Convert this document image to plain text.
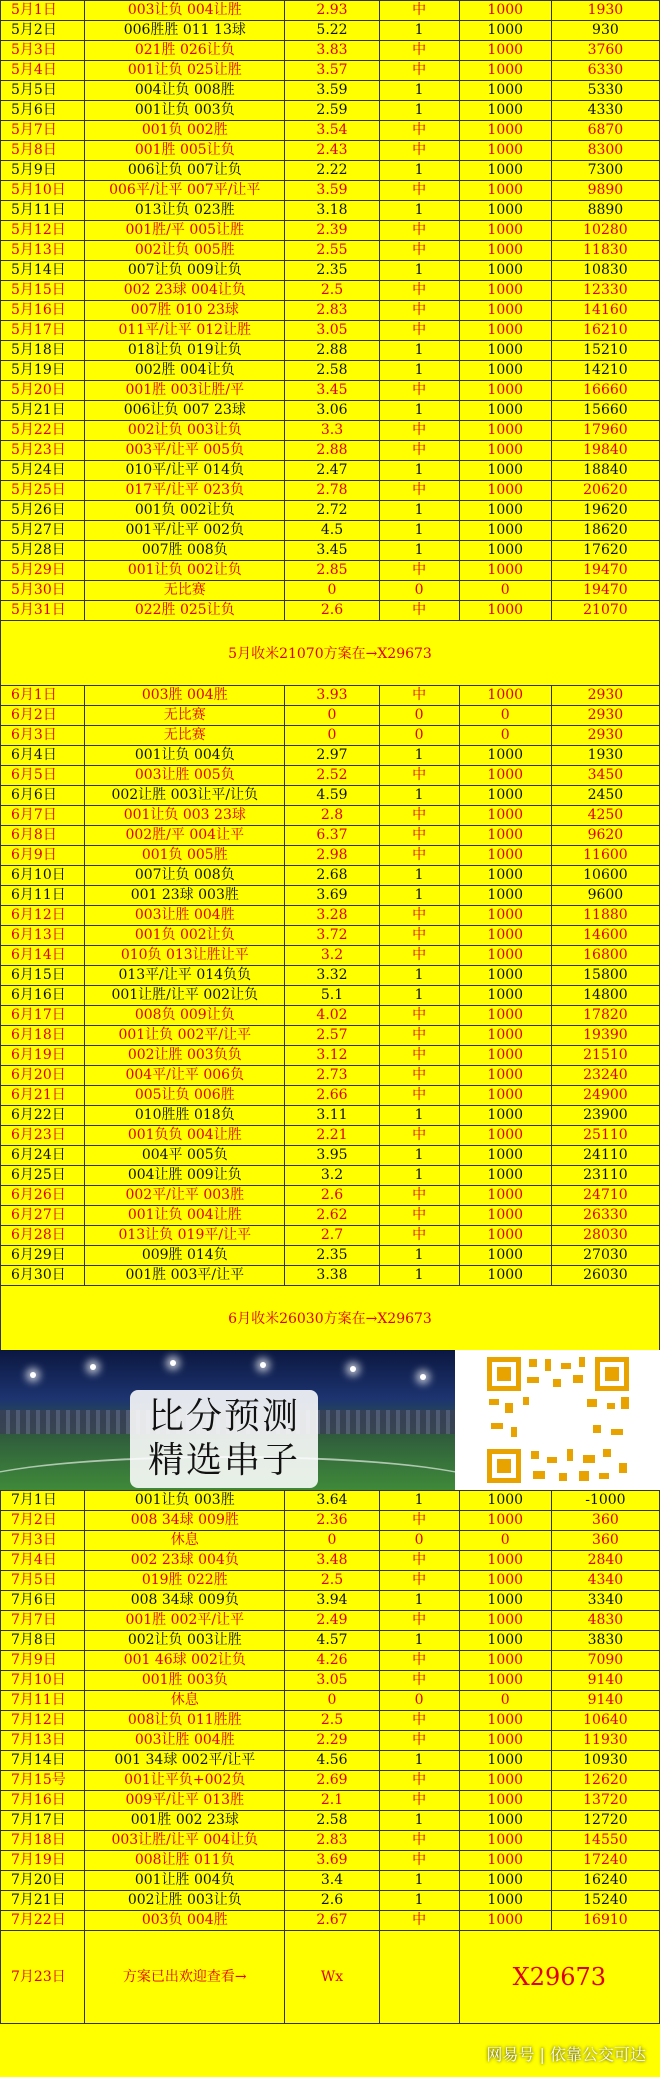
5月1日	003让负 004让胜	2.93	中	1000	1930
5月2日	006胜胜 011 13球	5.22	1	1000	930
5月3日	021胜 026让负	3.83	中	1000	3760
5月4日	001让负 025让胜	3.57	中	1000	6330
5月5日	004让负 008胜	3.59	1	1000	5330
5月6日	001让负 003负	2.59	1	1000	4330
5月7日	001负 002胜	3.54	中	1000	6870
5月8日	001胜 005让负	2.43	中	1000	8300
5月9日	006让负 007让负	2.22	1	1000	7300
5月10日	006平/让平 007平/让平	3.59	中	1000	9890
5月11日	013让负 023胜	3.18	1	1000	8890
5月12日	001胜/平 005让胜	2.39	中	1000	10280
5月13日	002让负 005胜	2.55	中	1000	11830
5月14日	007让负 009让负	2.35	1	1000	10830
5月15日	002 23球 004让负	2.5	中	1000	12330
5月16日	007胜 010 23球	2.83	中	1000	14160
5月17日	011平/让平 012让胜	3.05	中	1000	16210
5月18日	018让负 019让负	2.88	1	1000	15210
5月19日	002胜 004让负	2.58	1	1000	14210
5月20日	001胜 003让胜/平	3.45	中	1000	16660
5月21日	006让负 007 23球	3.06	1	1000	15660
5月22日	002让负 003让负	3.3	中	1000	17960
5月23日	003平/让平 005负	2.88	中	1000	19840
5月24日	010平/让平 014负	2.47	1	1000	18840
5月25日	017平/让平 023负	2.78	中	1000	20620
5月26日	001负 002让负	2.72	1	1000	19620
5月27日	001平/让平 002负	4.5	1	1000	18620
5月28日	007胜 008负	3.45	1	1000	17620
5月29日	001让负 002让负	2.85	中	1000	19470
5月30日	无比赛	0	0	0	19470
5月31日	022胜 025让负	2.6	中	1000	21070
5月收米21070方案在→X29673
6月1日	003胜 004胜	3.93	中	1000	2930
6月2日	无比赛	0	0	0	2930
6月3日	无比赛	0	0	0	2930
6月4日	001让负 004负	2.97	1	1000	1930
6月5日	003让胜 005负	2.52	中	1000	3450
6月6日	002让胜 003让平/让负	4.59	1	1000	2450
6月7日	001让负 003 23球	2.8	中	1000	4250
6月8日	002胜/平 004让平	6.37	中	1000	9620
6月9日	001负 005胜	2.98	中	1000	11600
6月10日	007让负 008负	2.68	1	1000	10600
6月11日	001 23球 003胜	3.69	1	1000	9600
6月12日	003让胜 004胜	3.28	中	1000	11880
6月13日	001负 002让负	3.72	中	1000	14600
6月14日	010负 013让胜让平	3.2	中	1000	16800
6月15日	013平/让平 014负负	3.32	1	1000	15800
6月16日	001让胜/让平 002让负	5.1	1	1000	14800
6月17日	008负 009让负	4.02	中	1000	17820
6月18日	001让负 002平/让平	2.57	中	1000	19390
6月19日	002让胜 003负负	3.12	中	1000	21510
6月20日	004平/让平 006负	2.73	中	1000	23240
6月21日	005让负 006胜	2.66	中	1000	24900
6月22日	010胜胜 018负	3.11	1	1000	23900
6月23日	001负负 004让胜	2.21	中	1000	25110
6月24日	004平 005负	3.95	1	1000	24110
6月25日	004让胜 009让负	3.2	1	1000	23110
6月26日	002平/让平 003胜	2.6	中	1000	24710
6月27日	001让负 004让胜	2.62	中	1000	26330
6月28日	013让负 019平/让平	2.7	中	1000	28030
6月29日	009胜 014负	2.35	1	1000	27030
6月30日	001胜 003平/让平	3.38	1	1000	26030
6月收米26030方案在→X29673
比分预测
精选串子
7月1日	001让负 003胜	3.64	1	1000	-1000
7月2日	008 34球 009胜	2.36	中	1000	360
7月3日	休息	0	0	0	360
7月4日	002 23球 004负	3.48	中	1000	2840
7月5日	019胜 022胜	2.5	中	1000	4340
7月6日	008 34球 009负	3.94	1	1000	3340
7月7日	001胜 002平/让平	2.49	中	1000	4830
7月8日	002让负 003让胜	4.57	1	1000	3830
7月9日	001 46球 002让负	4.26	中	1000	7090
7月10日	001胜 003负	3.05	中	1000	9140
7月11日	休息	0	0	0	9140
7月12日	008让负 011胜胜	2.5	中	1000	10640
7月13日	003让胜 004胜	2.29	中	1000	11930
7月14日	001 34球 002平/让平	4.56	1	1000	10930
7月15号	001让平负+002负	2.69	中	1000	12620
7月16日	009平/让平 013胜	2.1	中	1000	13720
7月17日	001胜 002 23球	2.58	1	1000	12720
7月18日	003让胜/让平 004让负	2.83	中	1000	14550
7月19日	008让胜 011负	3.69	中	1000	17240
7月20日	001让胜 004负	3.4	1	1000	16240
7月21日	002让胜 003让负	2.6	1	1000	15240
7月22日	003负 004胜	2.67	中	1000	16910
7月23日	方案已出欢迎查看→	Wx		X29673	
网易号 | 依靠公交可达
